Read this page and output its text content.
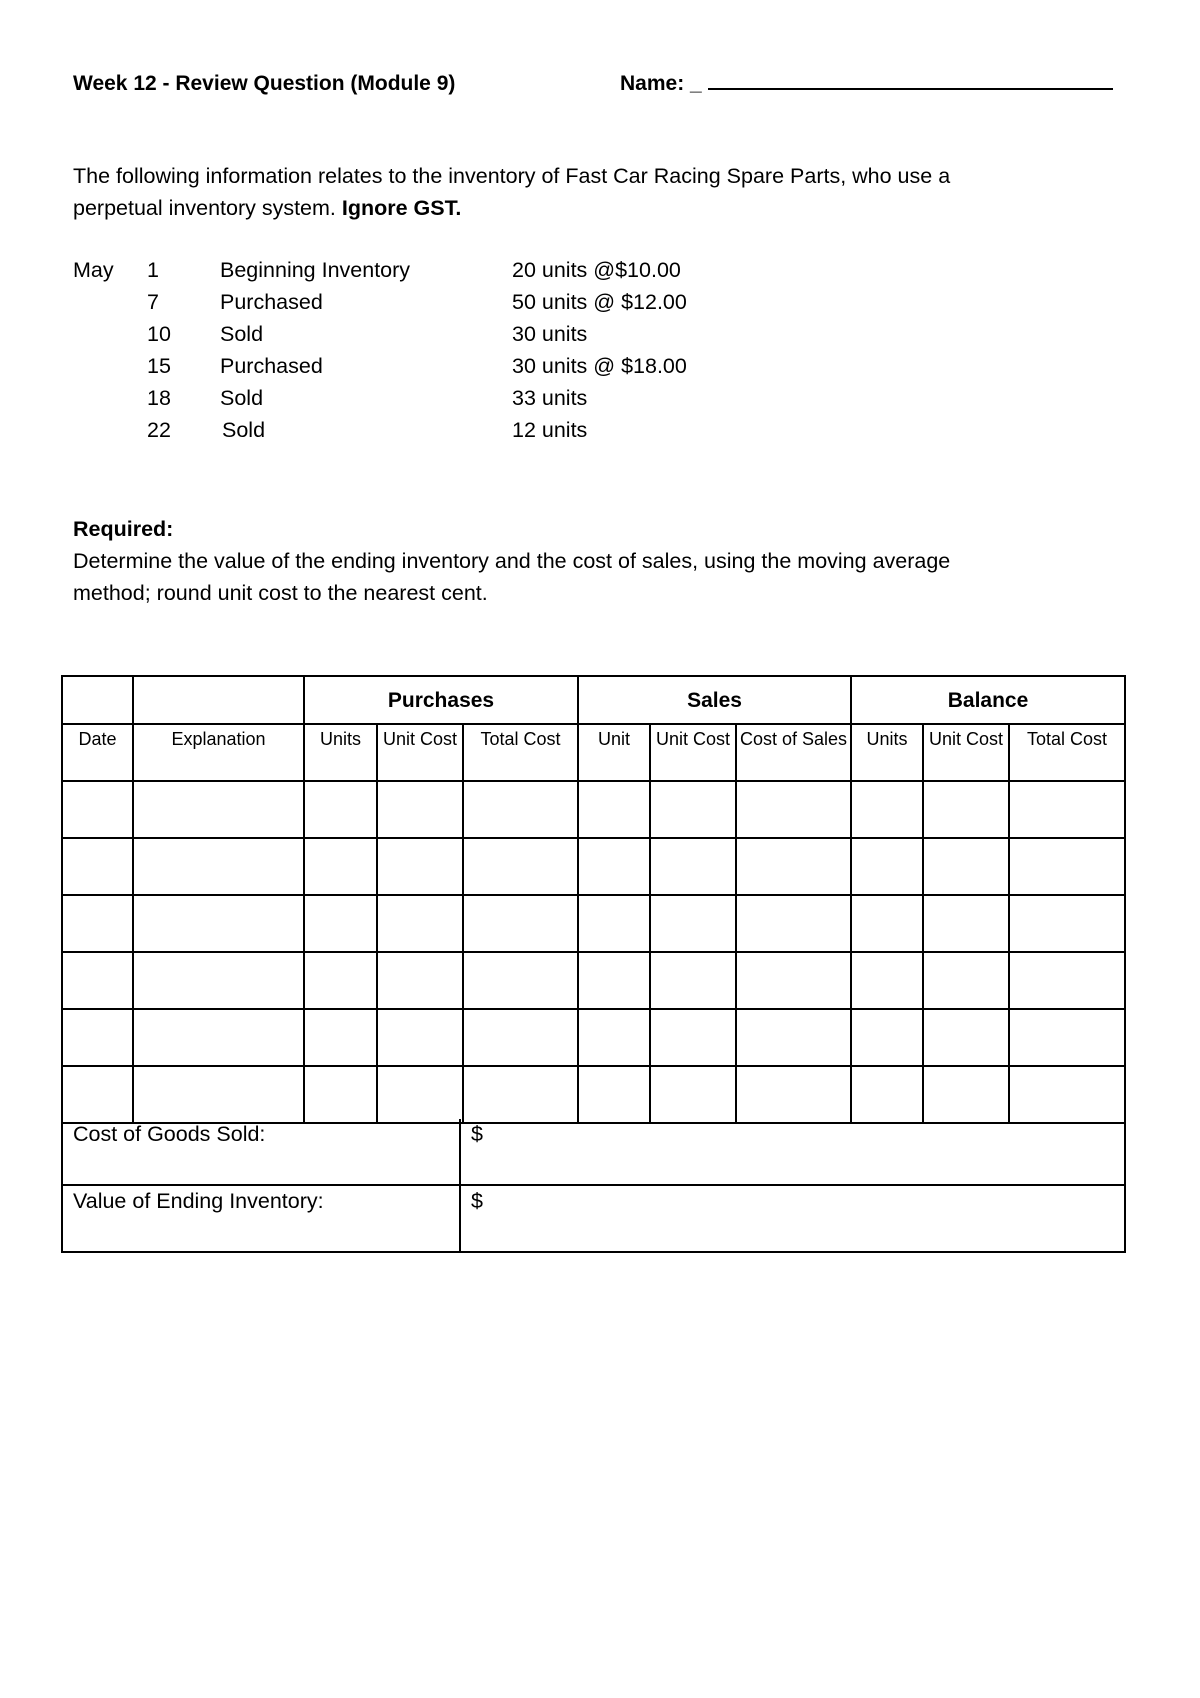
Week 12 - Review Question (Module 9)	Name: _
The following information relates to the inventory of Fast Car Racing Spare Parts, who use a
perpetual inventory system. Ignore GST.
May 1	Beginning Inventory	20 units @$10.00
7	Purchased	50 units @ $12.00
10 Sold	30 units
15 Purchased	30 units @ $18.00
18 Sold	33 units
22 Sold	12 units
Required:
Determine the value of the ending inventory and the cost of sales, using the moving average
method; round unit cost to the nearest cent.
		Purchases			Sales			Balance		
Date	Explanation	Units	Unit Cost	Total Cost	Unit	Unit Cost	Cost of Sales	Units	Unit Cost	Total Cost

Cost of Goods Sold:	$
Value of Ending Inventory:	$
